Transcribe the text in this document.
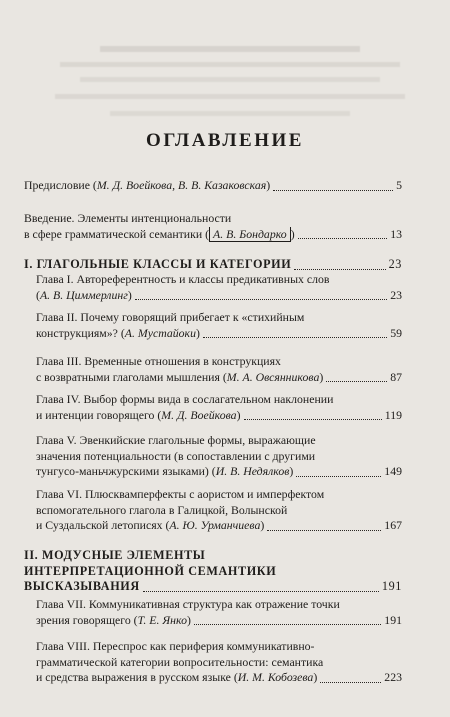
ОГЛАВЛЕНИЕ
Предисловие (М. Д. Воейкова, В. В. Казаковская)	5
Введение. Элементы интенциональности
в сфере грамматической семантики ( А. В. Бондарко )	13
I. ГЛАГОЛЬНЫЕ КЛАССЫ И КАТЕГОРИИ	23
Глава I. Автореферентность и классы предикативных слов
(А. В. Циммерлинг)	23
Глава II. Почему говорящий прибегает к «стихийным
конструкциям»? (А. Мустайоки)	59
Глава III. Временные отношения в конструкциях
с возвратными глаголами мышления (М. А. Овсянникова)	87
Глава IV. Выбор формы вида в сослагательном наклонении
и интенции говорящего (М. Д. Воейкова)	119
Глава V. Эвенкийские глагольные формы, выражающие
значения потенциальности (в сопоставлении с другими
тунгусо-маньчжурскими языками) (И. В. Недялков)	149
Глава VI. Плюсквамперфекты с аористом и имперфектом
вспомогательного глагола в Галицкой, Волынской
и Суздальской летописях (А. Ю. Урманчиева)	167
II. МОДУСНЫЕ ЭЛЕМЕНТЫ
ИНТЕРПРЕТАЦИОННОЙ СЕМАНТИКИ
ВЫСКАЗЫВАНИЯ	191
Глава VII. Коммуникативная структура как отражение точки
зрения говорящего (Т. Е. Янко)	191
Глава VIII. Переспрос как периферия коммуникативно-
грамматической категории вопросительности: семантика
и средства выражения в русском языке (И. М. Кобозева)	223
